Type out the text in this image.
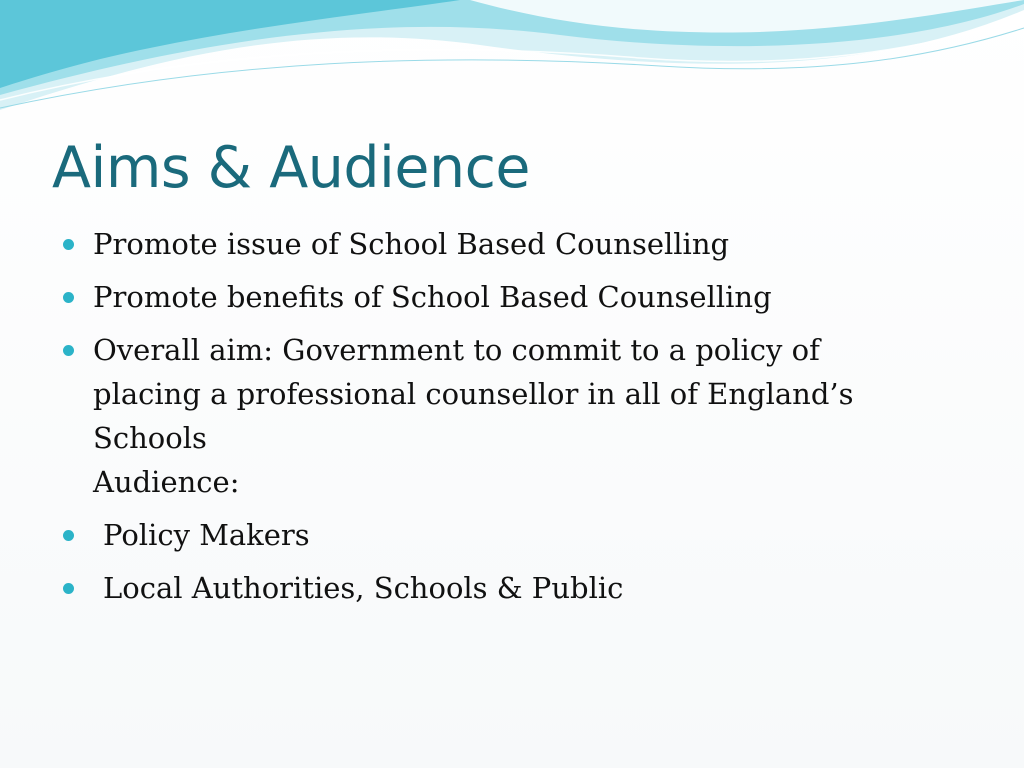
Aims & Audience
Promote issue of School Based Counselling
Promote benefits of School Based Counselling
Overall aim: Government to commit to a policy of
placing a professional counsellor in all of England’s
Schools
Audience:
Policy Makers
Local Authorities, Schools & Public
